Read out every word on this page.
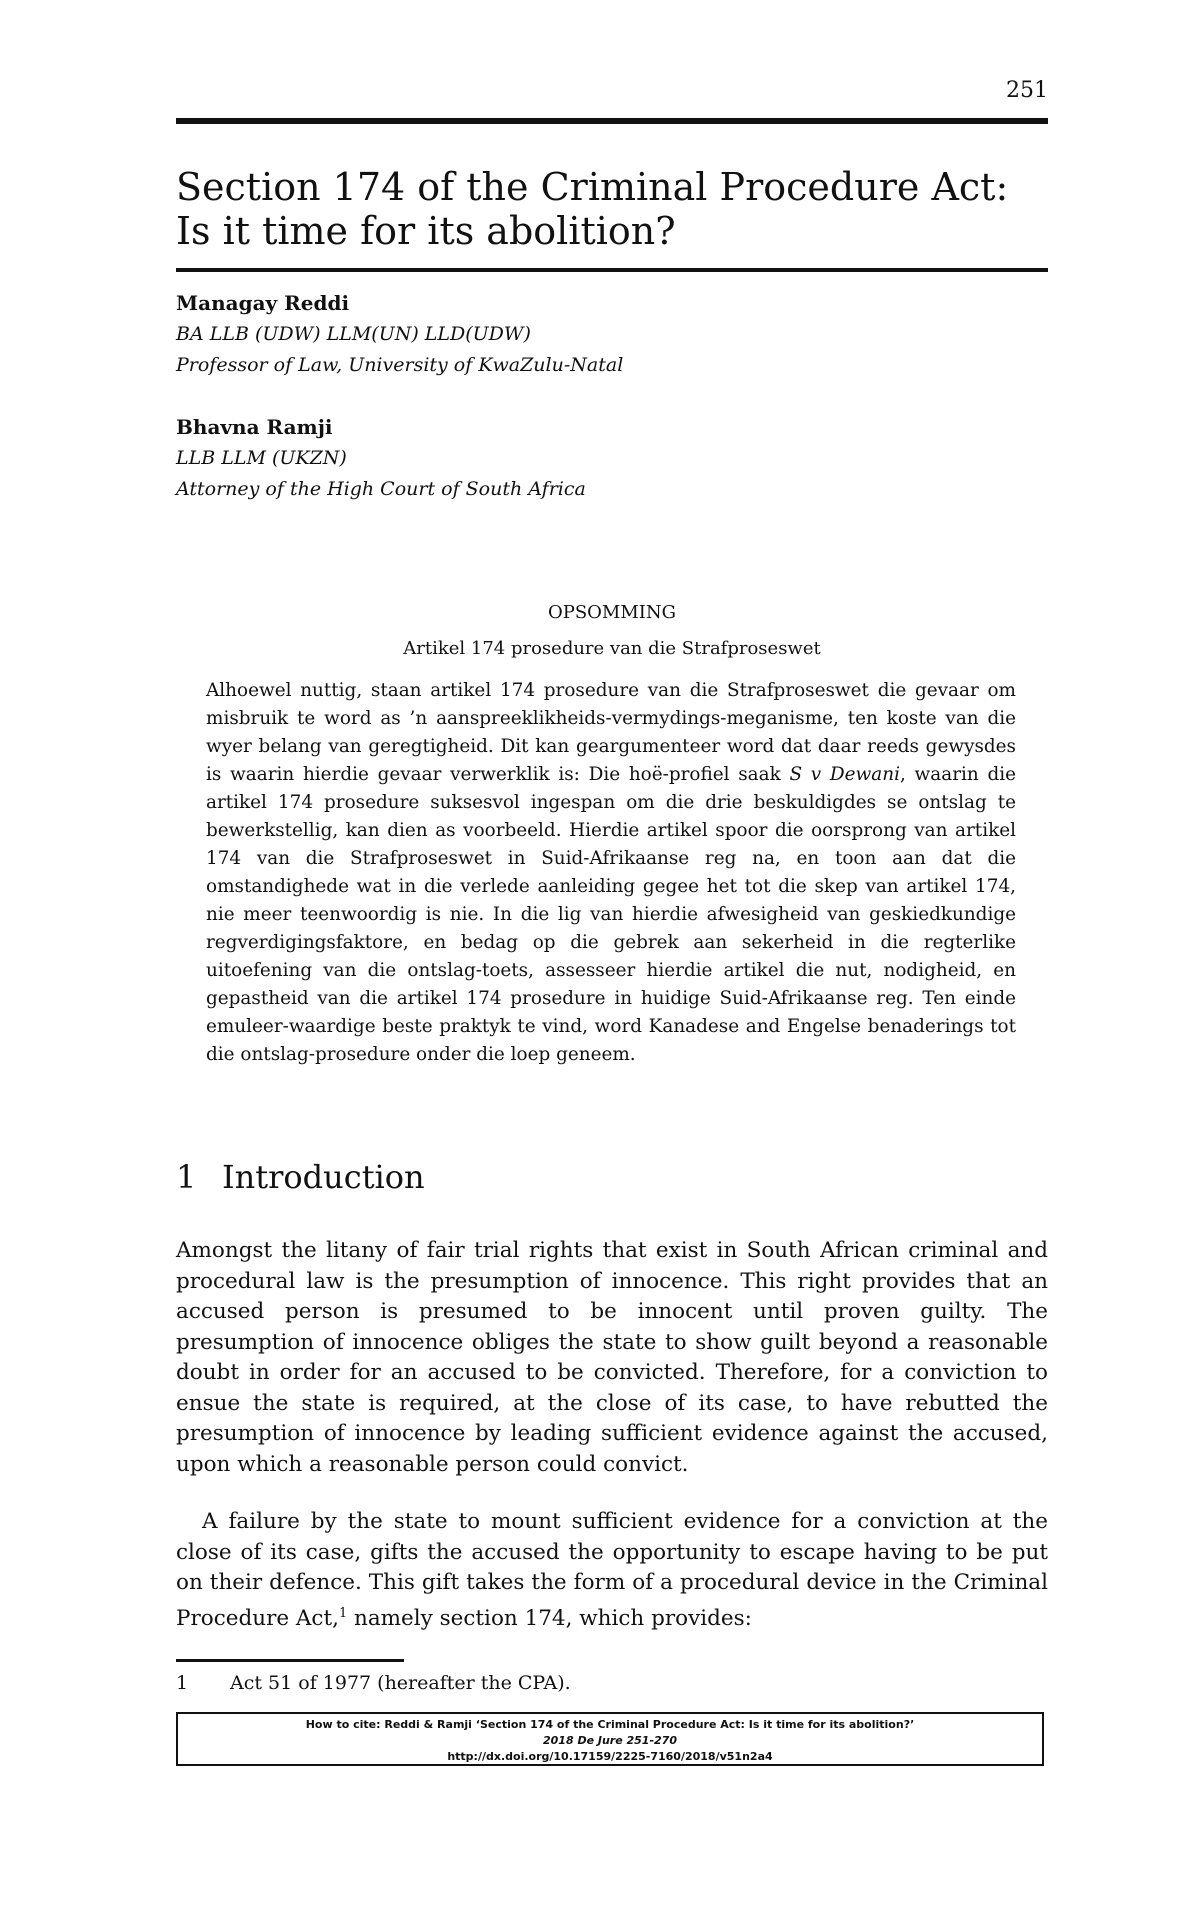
251
Section 174 of the Criminal Procedure Act:
Is it time for its abolition?
Managay Reddi
BA LLB (UDW) LLM(UN) LLD(UDW)
Professor of Law, University of KwaZulu-Natal
Bhavna Ramji
LLB LLM (UKZN)
Attorney of the High Court of South Africa
OPSOMMING
Artikel 174 prosedure van die Strafproseswet

Alhoewel nuttig, staan artikel 174 prosedure van die Strafproseswet die gevaar om misbruik te word as ’n aanspreeklikheids-vermydings-meganisme, ten koste van die wyer belang van geregtigheid. Dit kan geargumenteer word dat daar reeds gewysdes is waarin hierdie gevaar verwerklik is: Die hoë-profiel saak S v Dewani, waarin die artikel 174 prosedure suksesvol ingespan om die drie beskuldigdes se ontslag te bewerkstellig, kan dien as voorbeeld. Hierdie artikel spoor die oorsprong van artikel 174 van die Strafproseswet in Suid-Afrikaanse reg na, en toon aan dat die omstandighede wat in die verlede aanleiding gegee het tot die skep van artikel 174, nie meer teenwoordig is nie. In die lig van hierdie afwesigheid van geskiedkundige regverdigingsfaktore, en bedag op die gebrek aan sekerheid in die regterlike uitoefening van die ontslag-toets, assesseer hierdie artikel die nut, nodigheid, en gepastheid van die artikel 174 prosedure in huidige Suid-Afrikaanse reg. Ten einde emuleer-waardige beste praktyk te vind, word Kanadese and Engelse benaderings tot die ontslag-prosedure onder die loep geneem.

1 Introduction

Amongst the litany of fair trial rights that exist in South African criminal and procedural law is the presumption of innocence. This right provides that an accused person is presumed to be innocent until proven guilty. The presumption of innocence obliges the state to show guilt beyond a reasonable doubt in order for an accused to be convicted. Therefore, for a conviction to ensue the state is required, at the close of its case, to have rebutted the presumption of innocence by leading sufficient evidence against the accused, upon which a reasonable person could convict.

A failure by the state to mount sufficient evidence for a conviction at the close of its case, gifts the accused the opportunity to escape having to be put on their defence. This gift takes the form of a procedural device in the Criminal Procedure Act,$^1$ namely section 174, which provides:

1 Act 51 of 1977 (hereafter the CPA).
How to cite: Reddi & Ramji ‘Section 174 of the Criminal Procedure Act: Is it time for its abolition?’
2018 De Jure 251-270
http://dx.doi.org/10.17159/2225-7160/2018/v51n2a4
